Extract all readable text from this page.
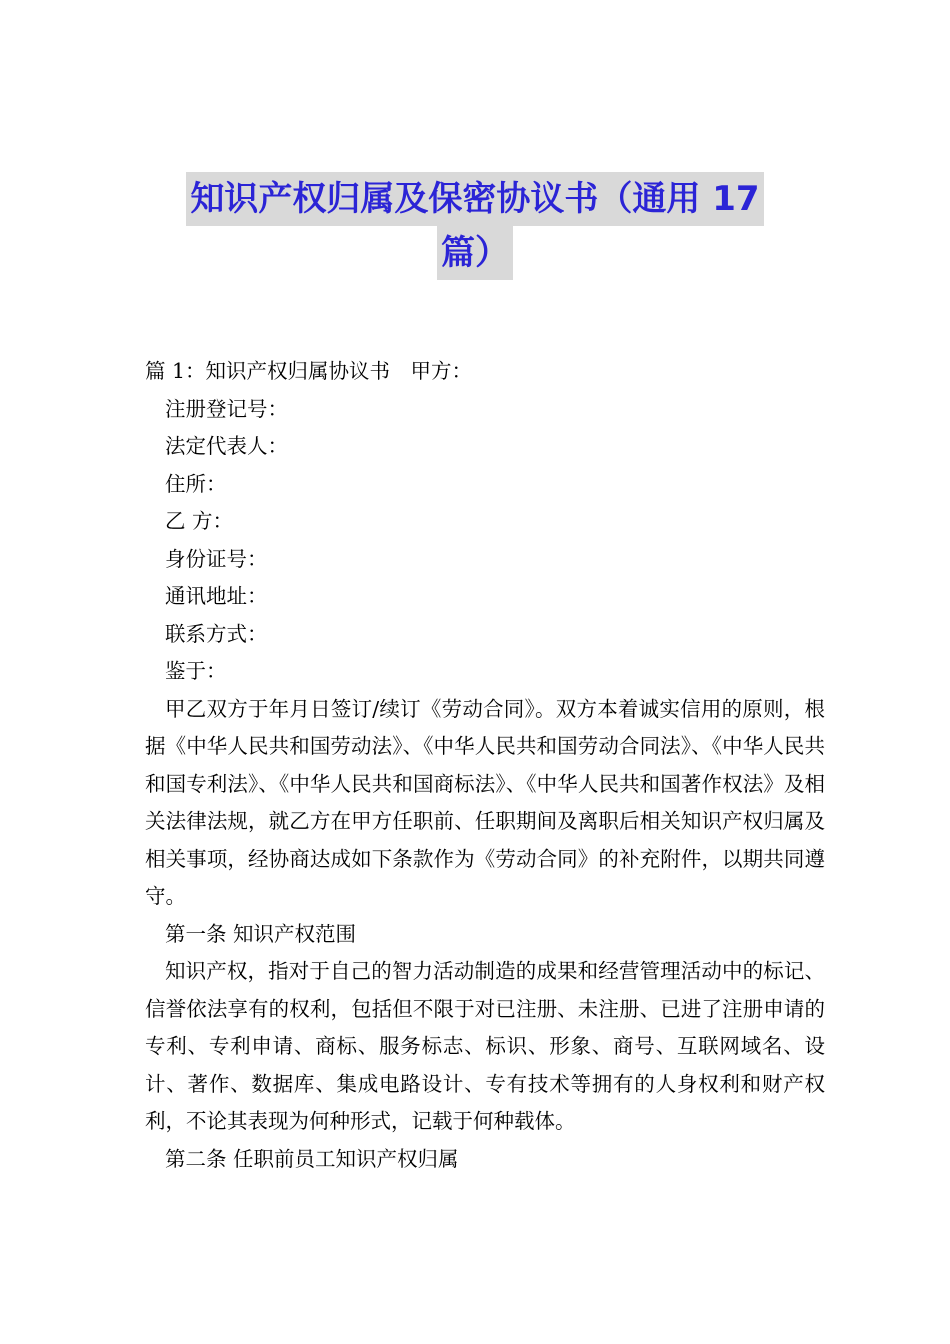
知识产权归属及保密协议书（通用 17
篇）
篇 1：知识产权归属协议书　甲方：
注册登记号：
法定代表人：
住所：
乙 方：
身份证号：
通讯地址：
联系方式：
鉴于：
甲乙双方于年月日签订/续订《劳动合同》。双方本着诚实信用的原则，根据《中华人民共和国劳动法》、《中华人民共和国劳动合同法》、《中华人民共和国专利法》、《中华人民共和国商标法》、《中华人民共和国著作权法》及相关法律法规，就乙方在甲方任职前、任职期间及离职后相关知识产权归属及相关事项，经协商达成如下条款作为《劳动合同》的补充附件，以期共同遵守。
第一条 知识产权范围
知识产权，指对于自己的智力活动制造的成果和经营管理活动中的标记、信誉依法享有的权利，包括但不限于对已注册、未注册、已进了注册申请的专利、专利申请、商标、服务标志、标识、形象、商号、互联网域名、设计、著作、数据库、集成电路设计、专有技术等拥有的人身权利和财产权利，不论其表现为何种形式，记载于何种载体。
第二条 任职前员工知识产权归属
